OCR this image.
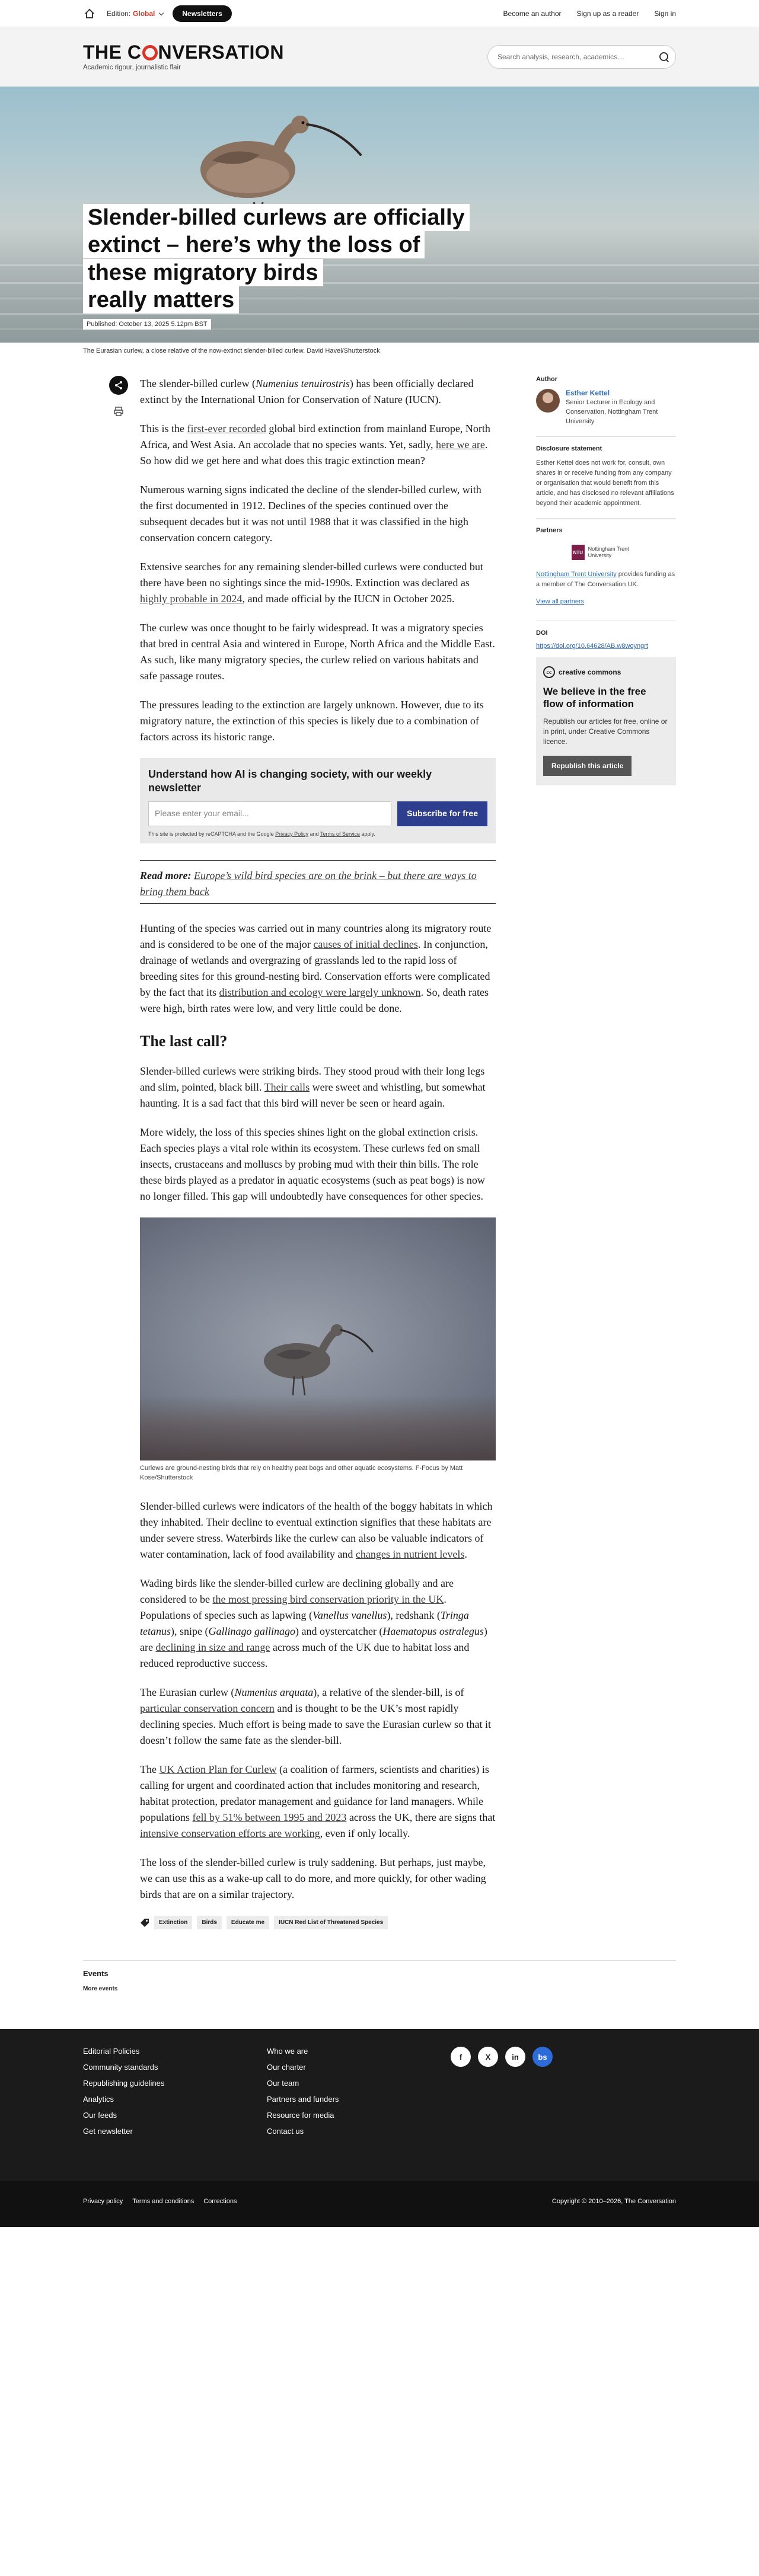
Edition: Global	Newsletters	Become an author Sign up as a reader Sign in
THE C NVERSATION
Academic rigour, journalistic flair
Search analysis, research, academics…
Slender-billed curlews are officially
extinct – here’s why the loss of
these migratory birds
really matters
Published: October 13, 2025 5.12pm BST
The Eurasian curlew, a close relative of the now-extinct slender-billed curlew. David Havel/Shutterstock

The slender-billed curlew (Numenius tenuirostris) has been officially declared extinct by the International Union for Conservation of Nature (IUCN).

This is the first-ever recorded global bird extinction from mainland Europe, North Africa, and West Asia. An accolade that no species wants. Yet, sadly, here we are. So how did we get here and what does this tragic extinction mean?

Numerous warning signs indicated the decline of the slender-billed curlew, with the first documented in 1912. Declines of the species continued over the subsequent decades but it was not until 1988 that it was classified in the high conservation concern category.

Extensive searches for any remaining slender-billed curlews were conducted but there have been no sightings since the mid-1990s. Extinction was declared as highly probable in 2024, and made official by the IUCN in October 2025.

The curlew was once thought to be fairly widespread. It was a migratory species that bred in central Asia and wintered in Europe, North Africa and the Middle East. As such, like many migratory species, the curlew relied on various habitats and safe passage routes.

The pressures leading to the extinction are largely unknown. However, due to its migratory nature, the extinction of this species is likely due to a combination of factors across its historic range.

Understand how AI is changing society, with our weekly newsletter
Please enter your email...	Subscribe for free
This site is protected by reCAPTCHA and the Google Privacy Policy and Terms of Service apply.

Read more: Europe’s wild bird species are on the brink – but there are ways to bring them back

Hunting of the species was carried out in many countries along its migratory route and is considered to be one of the major causes of initial declines. In conjunction, drainage of wetlands and overgrazing of grasslands led to the rapid loss of breeding sites for this ground-nesting bird. Conservation efforts were complicated by the fact that its distribution and ecology were largely unknown. So, death rates were high, birth rates were low, and very little could be done.

The last call?

Slender-billed curlews were striking birds. They stood proud with their long legs and slim, pointed, black bill. Their calls were sweet and whistling, but somewhat haunting. It is a sad fact that this bird will never be seen or heard again.

More widely, the loss of this species shines light on the global extinction crisis. Each species plays a vital role within its ecosystem. These curlews fed on small insects, crustaceans and molluscs by probing mud with their thin bills. The role these birds played as a predator in aquatic ecosystems (such as peat bogs) is now no longer filled. This gap will undoubtedly have consequences for other species.

Curlews are ground-nesting birds that rely on healthy peat bogs and other aquatic ecosystems. F-Focus by Matt Kose/Shutterstock

Slender-billed curlews were indicators of the health of the boggy habitats in which they inhabited. Their decline to eventual extinction signifies that these habitats are under severe stress. Waterbirds like the curlew can also be valuable indicators of water contamination, lack of food availability and changes in nutrient levels.

Wading birds like the slender-billed curlew are declining globally and are considered to be the most pressing bird conservation priority in the UK. Populations of species such as lapwing (Vanellus vanellus), redshank (Tringa tetanus), snipe (Gallinago gallinago) and oystercatcher (Haematopus ostralegus) are declining in size and range across much of the UK due to habitat loss and reduced reproductive success.

The Eurasian curlew (Numenius arquata), a relative of the slender-bill, is of particular conservation concern and is thought to be the UK’s most rapidly declining species. Much effort is being made to save the Eurasian curlew so that it doesn’t follow the same fate as the slender-bill.

The UK Action Plan for Curlew (a coalition of farmers, scientists and charities) is calling for urgent and coordinated action that includes monitoring and research, habitat protection, predator management and guidance for land managers. While populations fell by 51% between 1995 and 2023 across the UK, there are signs that intensive conservation efforts are working, even if only locally.

The loss of the slender-billed curlew is truly saddening. But perhaps, just maybe, we can use this as a wake-up call to do more, and more quickly, for other wading birds that are on a similar trajectory.

Extinction	Birds	Educate me	IUCN Red List of Threatened Species
Author
Esther Kettel
Senior Lecturer in Ecology and Conservation, Nottingham Trent University
Disclosure statement
Esther Kettel does not work for, consult, own shares in or receive funding from any company or organisation that would benefit from this article, and has disclosed no relevant affiliations beyond their academic appointment.
Partners
NTU
Nottingham Trent University
Nottingham Trent University provides funding as a member of The Conversation UK.
View all partners
DOI
https://doi.org/10.64628/AB.w8woyngrt
cc creative commons
We believe in the free flow of information
Republish our articles for free, online or in print, under Creative Commons licence.
Republish this article
Events
More events
Editorial Policies
Community standards
Republishing guidelines
Analytics
Our feeds
Get newsletter
Who we are
Our charter
Our team
Partners and funders
Resource for media
Contact us
f	X	in	bs
Privacy policy Terms and conditions Corrections	Copyright © 2010–2026, The Conversation
